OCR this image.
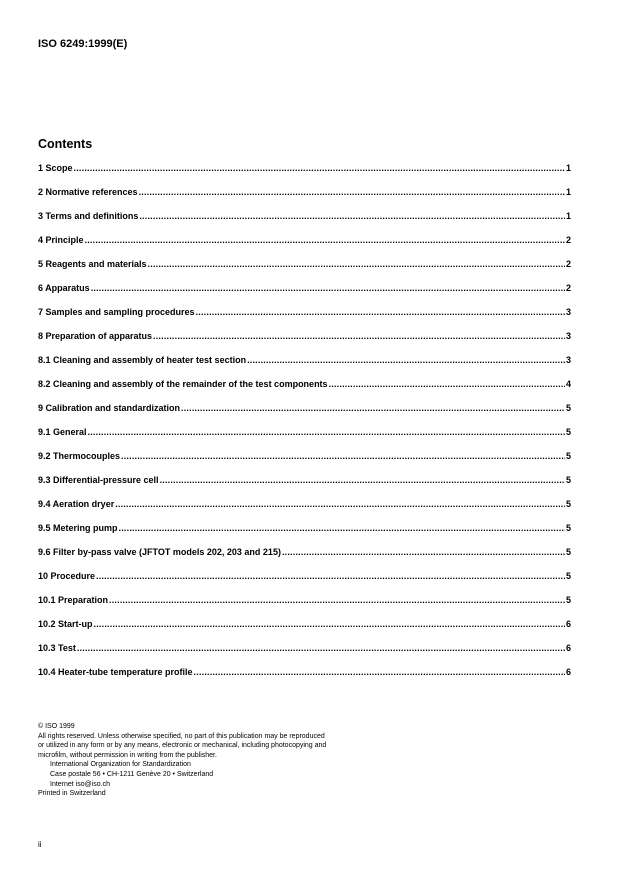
ISO 6249:1999(E)
Contents
1 Scope .....	1
2 Normative references .....	1
3 Terms and definitions .....	1
4 Principle .....	2
5 Reagents and materials .....	2
6 Apparatus .....	2
7 Samples and sampling procedures .....	3
8 Preparation of apparatus .....	3
8.1 Cleaning and assembly of heater test section .....	3
8.2 Cleaning and assembly of the remainder of the test components .....	4
9 Calibration and standardization .....	5
9.1 General .....	5
9.2 Thermocouples .....	5
9.3 Differential-pressure cell .....	5
9.4 Aeration dryer .....	5
9.5 Metering pump .....	5
9.6 Filter by-pass valve (JFTOT models 202, 203 and 215) .....	5
10 Procedure .....	5
10.1 Preparation .....	5
10.2 Start-up .....	6
10.3 Test .....	6
10.4 Heater-tube temperature profile .....	6

© ISO 1999

All rights reserved. Unless otherwise specified, no part of this publication may be reproduced

or utilized in any form or by any means, electronic or mechanical, including photocopying and

microfilm, without permission in writing from the publisher.

International Organization for Standardization

Case postale 56 • CH-1211 Genève 20 • Switzerland

Internet iso@iso.ch

Printed in Switzerland

ii
